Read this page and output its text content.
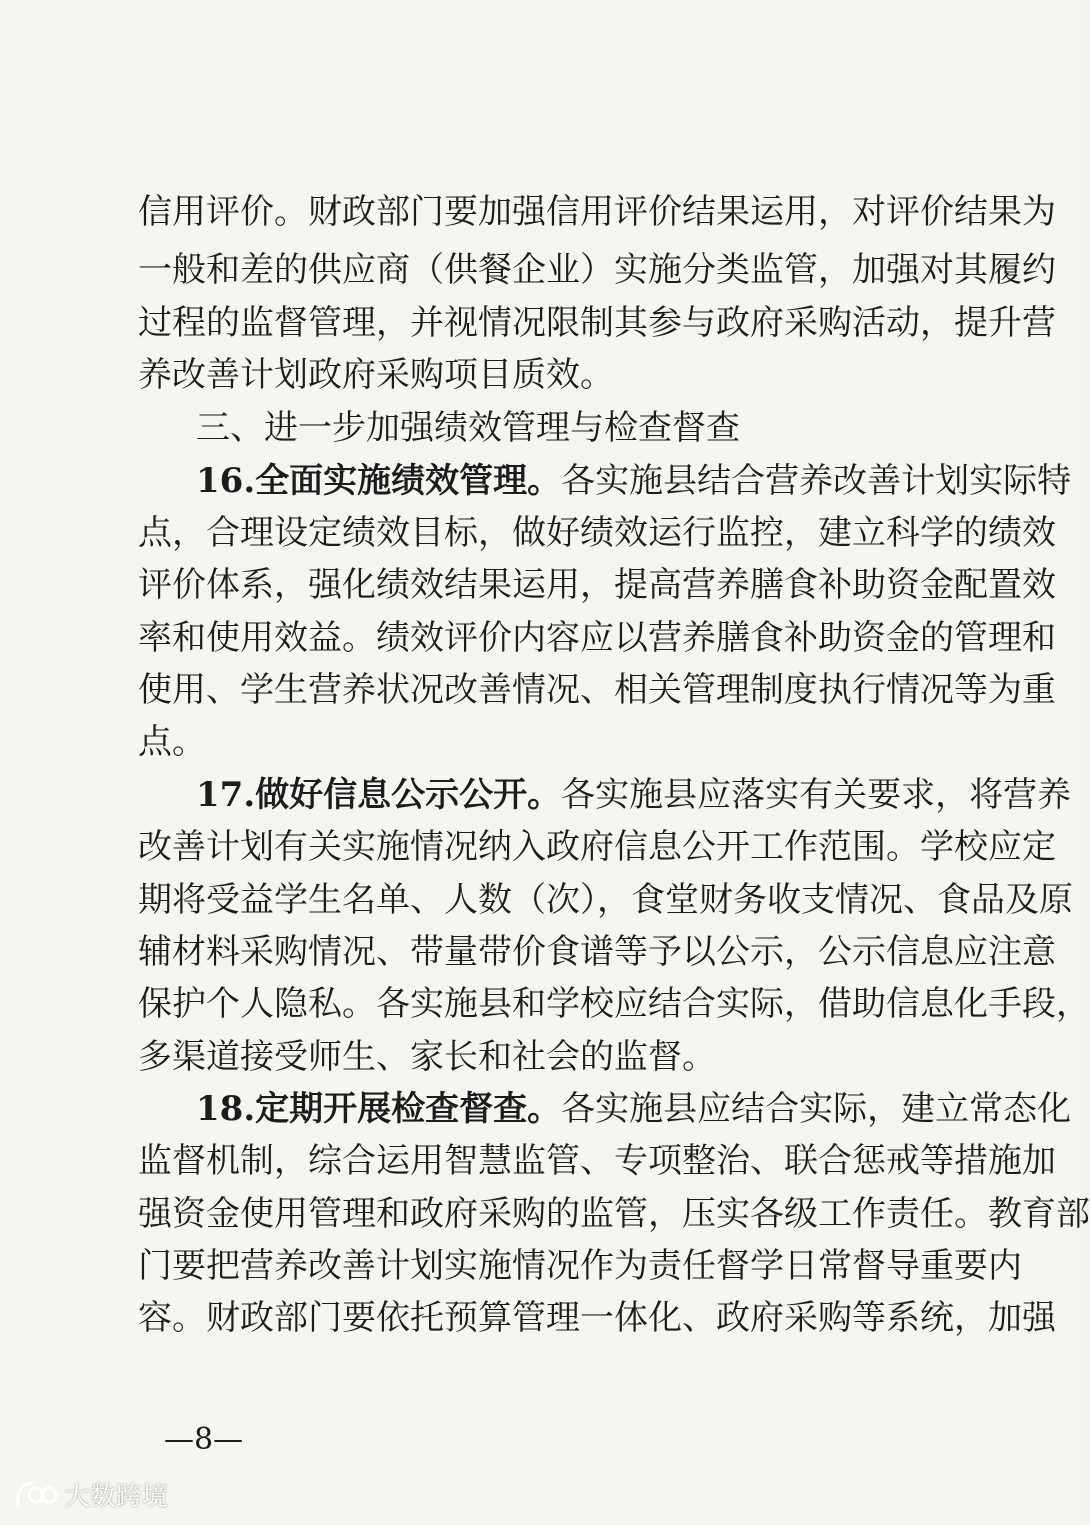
信用评价。财政部门要加强信用评价结果运用，对评价结果为
一般和差的供应商（供餐企业）实施分类监管，加强对其履约
过程的监督管理，并视情况限制其参与政府采购活动，提升营
养改善计划政府采购项目质效。
三、进一步加强绩效管理与检查督查
16.全面实施绩效管理。各实施县结合营养改善计划实际特
点，合理设定绩效目标，做好绩效运行监控，建立科学的绩效
评价体系，强化绩效结果运用，提高营养膳食补助资金配置效
率和使用效益。绩效评价内容应以营养膳食补助资金的管理和
使用、学生营养状况改善情况、相关管理制度执行情况等为重
点。
17.做好信息公示公开。各实施县应落实有关要求，将营养
改善计划有关实施情况纳入政府信息公开工作范围。学校应定
期将受益学生名单、人数（次），食堂财务收支情况、食品及原
辅材料采购情况、带量带价食谱等予以公示，公示信息应注意
保护个人隐私。各实施县和学校应结合实际，借助信息化手段，
多渠道接受师生、家长和社会的监督。
18.定期开展检查督查。各实施县应结合实际，建立常态化
监督机制，综合运用智慧监管、专项整治、联合惩戒等措施加
强资金使用管理和政府采购的监管，压实各级工作责任。教育部
门要把营养改善计划实施情况作为责任督学日常督导重要内
容。财政部门要依托预算管理一体化、政府采购等系统，加强
—8—
大数跨境
